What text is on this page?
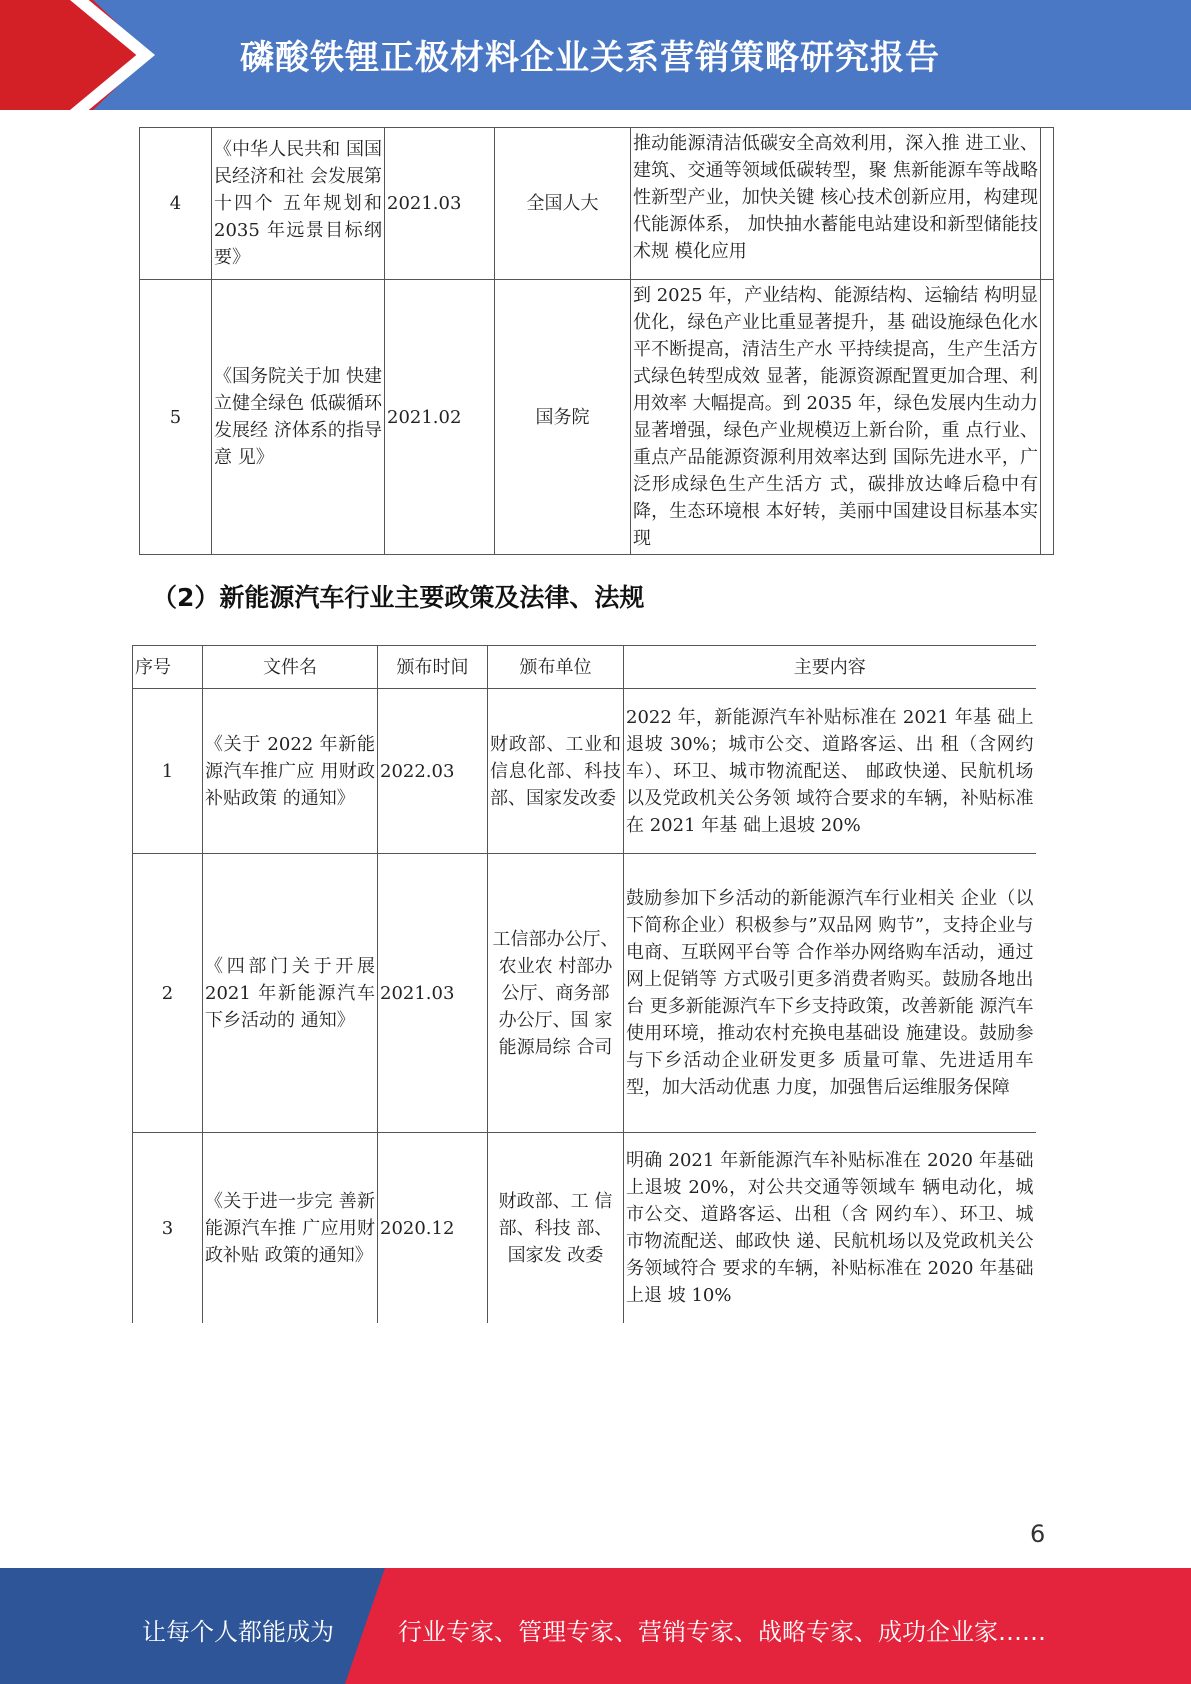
磷酸铁锂正极材料企业关系营销策略研究报告
4	《中华人民共和 国国民经济和社 会发展第十四个 五年规划和2035 年远景目标纲 要》	2021.03	全国人大	推动能源清洁低碳安全高效利用，深入推 进工业、建筑、交通等领域低碳转型，聚 焦新能源车等战略性新型产业，加快关键 核心技术创新应用，构建现代能源体系， 加快抽水蓄能电站建设和新型储能技术规 模化应用	
5	《国务院关于加 快建立健全绿色 低碳循环发展经 济体系的指导意 见》	2021.02	国务院	到 2025 年，产业结构、能源结构、运输结 构明显优化，绿色产业比重显著提升，基 础设施绿色化水平不断提高，清洁生产水 平持续提高，生产生活方式绿色转型成效 显著，能源资源配置更加合理、利用效率 大幅提高。到 2035 年，绿色发展内生动力 显著增强，绿色产业规模迈上新台阶，重 点行业、重点产品能源资源利用效率达到 国际先进水平，广泛形成绿色生产生活方 式，碳排放达峰后稳中有降，生态环境根 本好转，美丽中国建设目标基本实现	
（2）新能源汽车行业主要政策及法律、法规
序号	文件名	颁布时间	颁布单位	主要内容
1	《关于 2022 年新能源汽车推广应 用财政补贴政策 的通知》	2022.03	财政部、工业和信息化部、科技部、国家发改委	2022 年，新能源汽车补贴标准在 2021 年基 础上退坡 30%；城市公交、道路客运、出 租（含网约车）、环卫、城市物流配送、 邮政快递、民航机场以及党政机关公务领 域符合要求的车辆，补贴标准在 2021 年基 础上退坡 20%
2	《四部门关于开展 2021 年新能源汽车下乡活动的 通知》	2021.03	工信部办公厅、农业农 村部办公厅、商务部 办公厅、国 家能源局综 合司	鼓励参加下乡活动的新能源汽车行业相关 企业（以下简称企业）积极参与”双品网 购节”，支持企业与电商、互联网平台等 合作举办网络购车活动，通过网上促销等 方式吸引更多消费者购买。鼓励各地出台 更多新能源汽车下乡支持政策，改善新能 源汽车使用环境，推动农村充换电基础设 施建设。鼓励参与下乡活动企业研发更多 质量可靠、先进适用车型，加大活动优惠 力度，加强售后运维服务保障
3	《关于进一步完 善新能源汽车推 广应用财政补贴 政策的通知》	2020.12	财政部、工 信部、科技 部、国家发 改委	明确 2021 年新能源汽车补贴标准在 2020 年基础上退坡 20%，对公共交通等领域车 辆电动化，城市公交、道路客运、出租（含 网约车）、环卫、城市物流配送、邮政快 递、民航机场以及党政机关公务领域符合 要求的车辆，补贴标准在 2020 年基础上退 坡 10%
6
让每个人都能成为	行业专家、管理专家、营销专家、战略专家、成功企业家……
